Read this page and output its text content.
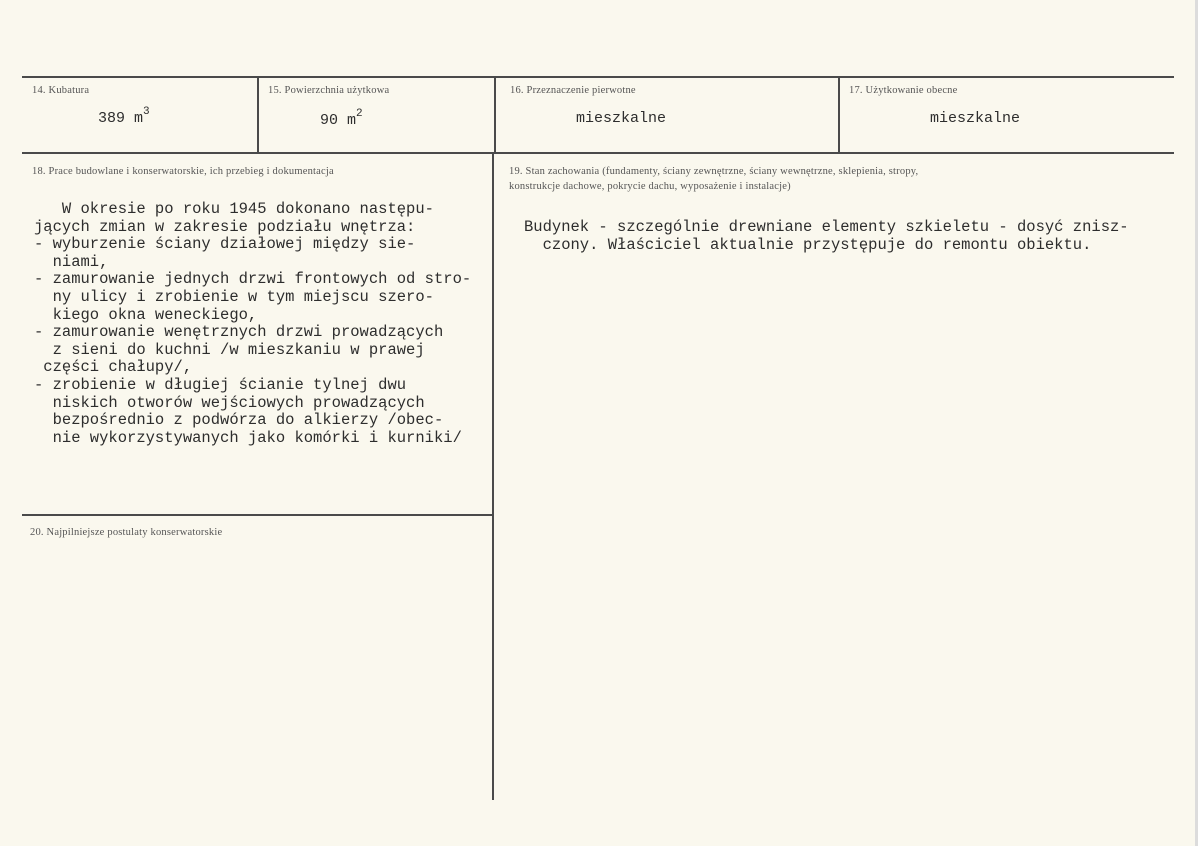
14. Kubatura
389 $m^3$
15. Powierzchnia użytkowa
90 $m^2$
16. Przeznaczenie pierwotne
mieszkalne
17. Użytkowanie obecne
mieszkalne
18. Prace budowlane i konserwatorskie, ich przebieg i dokumentacja
W okresie po roku 1945 dokonano następu-
jących zmian w zakresie podziału wnętrza:
- wyburzenie ściany działowej między sie-
niami,
- zamurowanie jednych drzwi frontowych od stro-
ny ulicy i zrobienie w tym miejscu szero-
kiego okna weneckiego,
- zamurowanie wenętrznych drzwi prowadzących
z sieni do kuchni /w mieszkaniu w prawej
części chałupy/,
- zrobienie w długiej ścianie tylnej dwu
niskich otworów wejściowych prowadzących
bezpośrednio z podwórza do alkierzy /obec-
nie wykorzystywanych jako komórki i kurniki/
19. Stan zachowania (fundamenty, ściany zewnętrzne, ściany wewnętrzne, sklepienia, stropy,
konstrukcje dachowe, pokrycie dachu, wyposażenie i instalacje)
Budynek - szczególnie drewniane elementy szkieletu - dosyć znisz-
czony. Właściciel aktualnie przystępuje do remontu obiektu.
20. Najpilniejsze postulaty konserwatorskie
